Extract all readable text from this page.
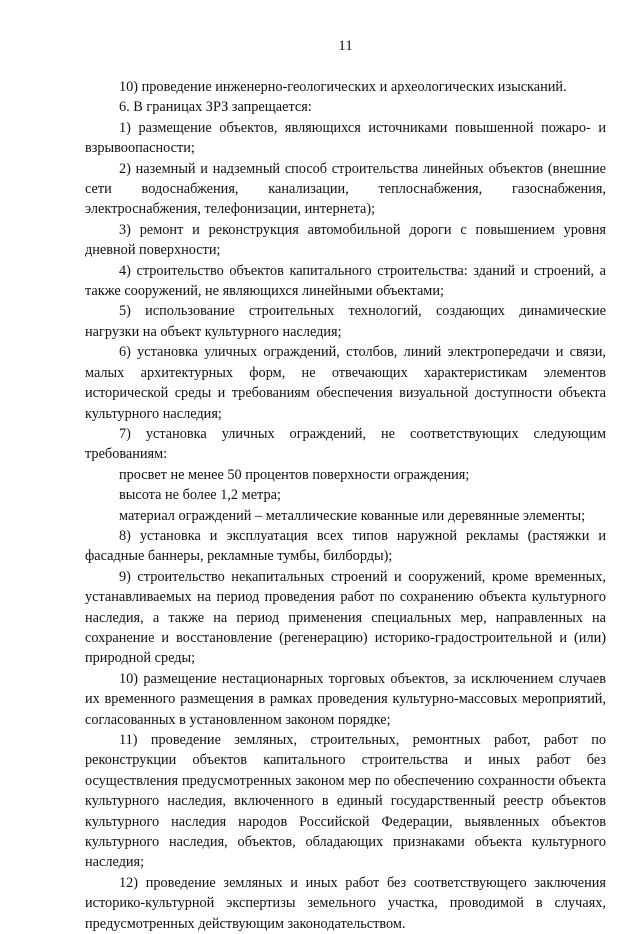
11

10) проведение инженерно-геологических и археологических изысканий.

6. В границах ЗРЗ запрещается:

1) размещение объектов, являющихся источниками повышенной пожаро- и взрывоопасности;

2) наземный и надземный способ строительства линейных объектов (внешние сети водоснабжения, канализации, теплоснабжения, газоснабжения, электроснабжения, телефонизации, интернета);

3) ремонт и реконструкция автомобильной дороги с повышением уровня дневной поверхности;

4) строительство объектов капитального строительства: зданий и строений, а также сооружений, не являющихся линейными объектами;

5) использование строительных технологий, создающих динамические нагрузки на объект культурного наследия;

6) установка уличных ограждений, столбов, линий электропередачи и связи, малых архитектурных форм, не отвечающих характеристикам элементов исторической среды и требованиям обеспечения визуальной доступности объекта культурного наследия;

7) установка уличных ограждений, не соответствующих следующим требованиям:

просвет не менее 50 процентов поверхности ограждения;

высота не более 1,2 метра;

материал ограждений – металлические кованные или деревянные элементы;

8) установка и эксплуатация всех типов наружной рекламы (растяжки и фасадные баннеры, рекламные тумбы, билборды);

9) строительство некапитальных строений и сооружений, кроме временных, устанавливаемых на период проведения работ по сохранению объекта культурного наследия, а также на период применения специальных мер, направленных на сохранение и восстановление (регенерацию) историко-градостроительной и (или) природной среды;

10) размещение нестационарных торговых объектов, за исключением случаев их временного размещения в рамках проведения культурно-массовых мероприятий, согласованных в установленном законом порядке;

11) проведение земляных, строительных, ремонтных работ, работ по реконструкции объектов капитального строительства и иных работ без осуществления предусмотренных законом мер по обеспечению сохранности объекта культурного наследия, включенного в единый государственный реестр объектов культурного наследия народов Российской Федерации, выявленных объектов культурного наследия, объектов, обладающих признаками объекта культурного наследия;

12) проведение земляных и иных работ без соответствующего заключения историко-культурной экспертизы земельного участка, проводимой в случаях, предусмотренных действующим законодательством.
